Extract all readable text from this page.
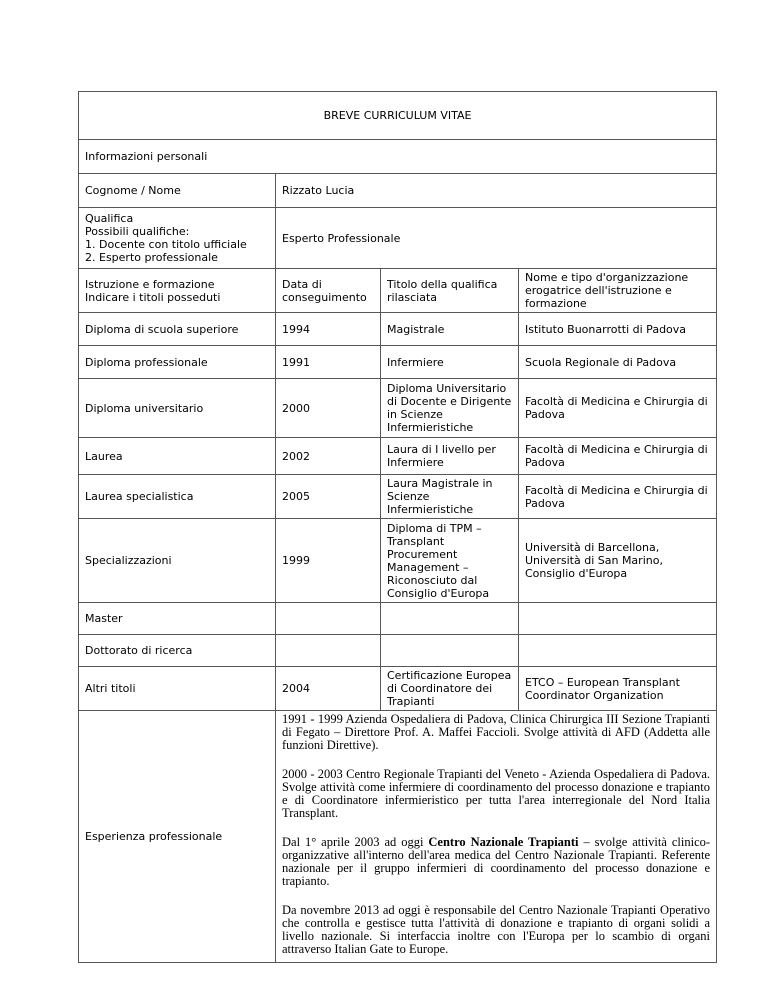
BREVE CURRICULUM VITAE			
Informazioni personali			
Cognome / Nome	Rizzato Lucia		

Qualifica
Possibili qualifiche:
1. Docente con titolo ufficiale
2. Esperto professionale	Esperto Professionale		

Istruzione e formazione
Indicare i titoli posseduti	Data di conseguimento	Titolo della qualifica rilasciata	Nome e tipo d'organizzazione erogatrice dell'istruzione e formazione
Diploma di scuola superiore	1994	Magistrale	Istituto Buonarrotti di Padova
Diploma professionale	1991	Infermiere	Scuola Regionale di Padova
Diploma universitario	2000	Diploma Universitario di Docente e Dirigente in Scienze Infermieristiche	Facoltà di Medicina e Chirurgia di Padova
Laurea	2002	Laura di I livello per Infermiere	Facoltà di Medicina e Chirurgia di Padova
Laurea specialistica	2005	Laura Magistrale in Scienze Infermieristiche	Facoltà di Medicina e Chirurgia di Padova
Specializzazioni	1999	Diploma di TPM – Transplant Procurement Management – Riconosciuto dal Consiglio d'Europa	Università di Barcellona, Università di San Marino, Consiglio d'Europa
Master			
Dottorato di ricerca			
Altri titoli	2004	Certificazione Europea di Coordinatore dei Trapianti	ETCO – European Transplant Coordinator Organization
Esperienza professionale	1991 - 1999 Azienda Ospedaliera di Padova, Clinica Chirurgica III Sezione Trapianti di Fegato – Direttore Prof. A. Maffei Faccioli. Svolge attività di AFD (Addetta alle funzioni Direttive).

2000 - 2003 Centro Regionale Trapianti del Veneto - Azienda Ospedaliera di Padova. Svolge attività come infermiere di coordinamento del processo donazione e trapianto e di Coordinatore infermieristico per tutta l'area interregionale del Nord Italia Transplant.

Dal 1° aprile 2003 ad oggi Centro Nazionale Trapianti – svolge attività clinico-organizzative all'interno dell'area medica del Centro Nazionale Trapianti. Referente nazionale per il gruppo infermieri di coordinamento del processo donazione e trapianto.

Da novembre 2013 ad oggi è responsabile del Centro Nazionale Trapianti Operativo che controlla e gestisce tutta l'attività di donazione e trapianto di organi solidi a livello nazionale. Si interfaccia inoltre con l'Europa per lo scambio di organi attraverso Italian Gate to Europe.		
